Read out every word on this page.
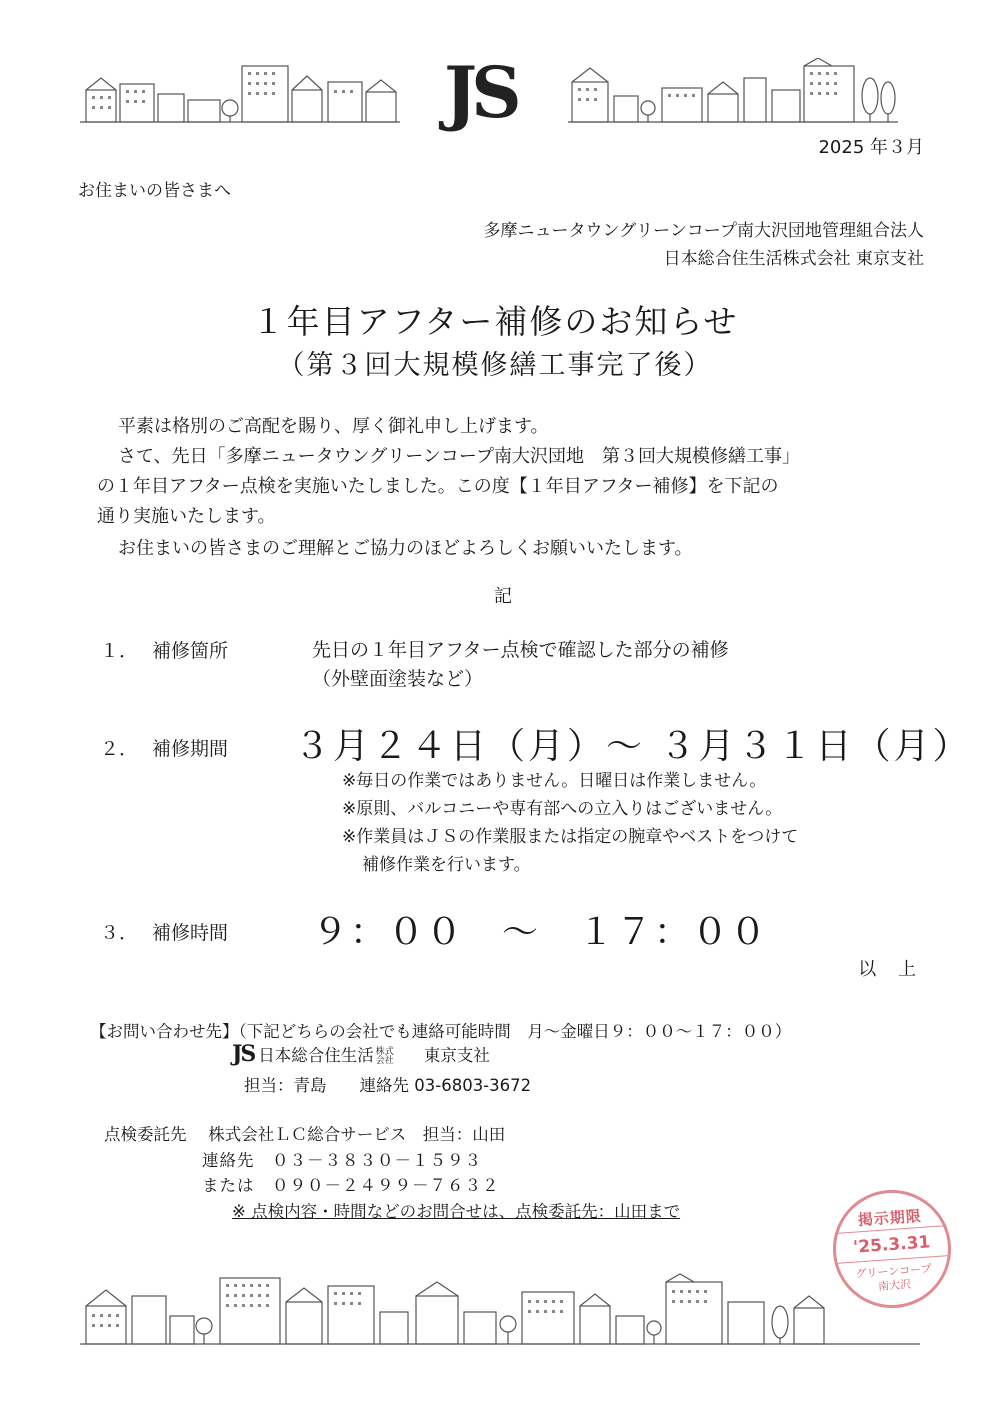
JS
2025 年３月
お住まいの皆さまへ
多摩ニュータウングリーンコープ南大沢団地管理組合法人
日本総合住生活株式会社 東京支社
１年目アフター補修のお知らせ
（第３回大規模修繕工事完了後）
平素は格別のご高配を賜り、厚く御礼申し上げます。
さて、先日「多摩ニュータウングリーンコープ南大沢団地　第３回大規模修繕工事」
の１年目アフター点検を実施いたしました。この度【１年目アフター補修】を下記の
通り実施いたします。
お住まいの皆さまのご理解とご協力のほどよろしくお願いいたします。
記
１． 補修箇所	先日の１年目アフター点検で確認した部分の補修
（外壁面塗装など）
２． 補修期間 ３月２４日（月）～ ３月３１日（月）
※毎日の作業ではありません。日曜日は作業しません。
※原則、バルコニーや専有部への立入りはございません。
※作業員はＪＳの作業服または指定の腕章やベストをつけて
補修作業を行います。
３． 補修時間 ９：００　～　１７：００
以 上
【お問い合わせ先】（下記どちらの会社でも連絡可能時間　月～金曜日９：００～１７：００）
JS 日本総合住生活 株式
会社 東京支社
担当：青島　　連絡先 03-6803-3672
点検委託先　 株式会社ＬＣ総合サービス　担当：山田
連絡先　０３－３８３０－１５９３
または　０９０－２４９９－７６３２
※ 点検内容・時間などのお問合せは、点検委託先：山田まで	掲示期限
'25.3.31
グリーンコープ
南大沢
